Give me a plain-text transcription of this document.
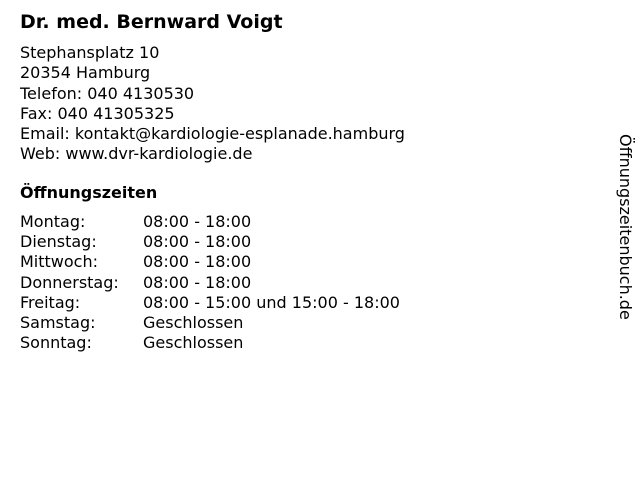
Dr. med. Bernward Voigt
Stephansplatz 10
20354 Hamburg
Telefon: 040 4130530
Fax: 040 41305325
Email: kontakt@kardiologie-esplanade.hamburg
Web: www.dvr-kardiologie.de
Öffnungszeiten
Montag:	08:00 - 18:00
Dienstag:	08:00 - 18:00
Mittwoch:	08:00 - 18:00
Donnerstag: 08:00 - 18:00
Freitag:	08:00 - 15:00 und 15:00 - 18:00
Samstag:	Geschlossen
Sonntag:	Geschlossen
Öffnungszeitenbuch.de
